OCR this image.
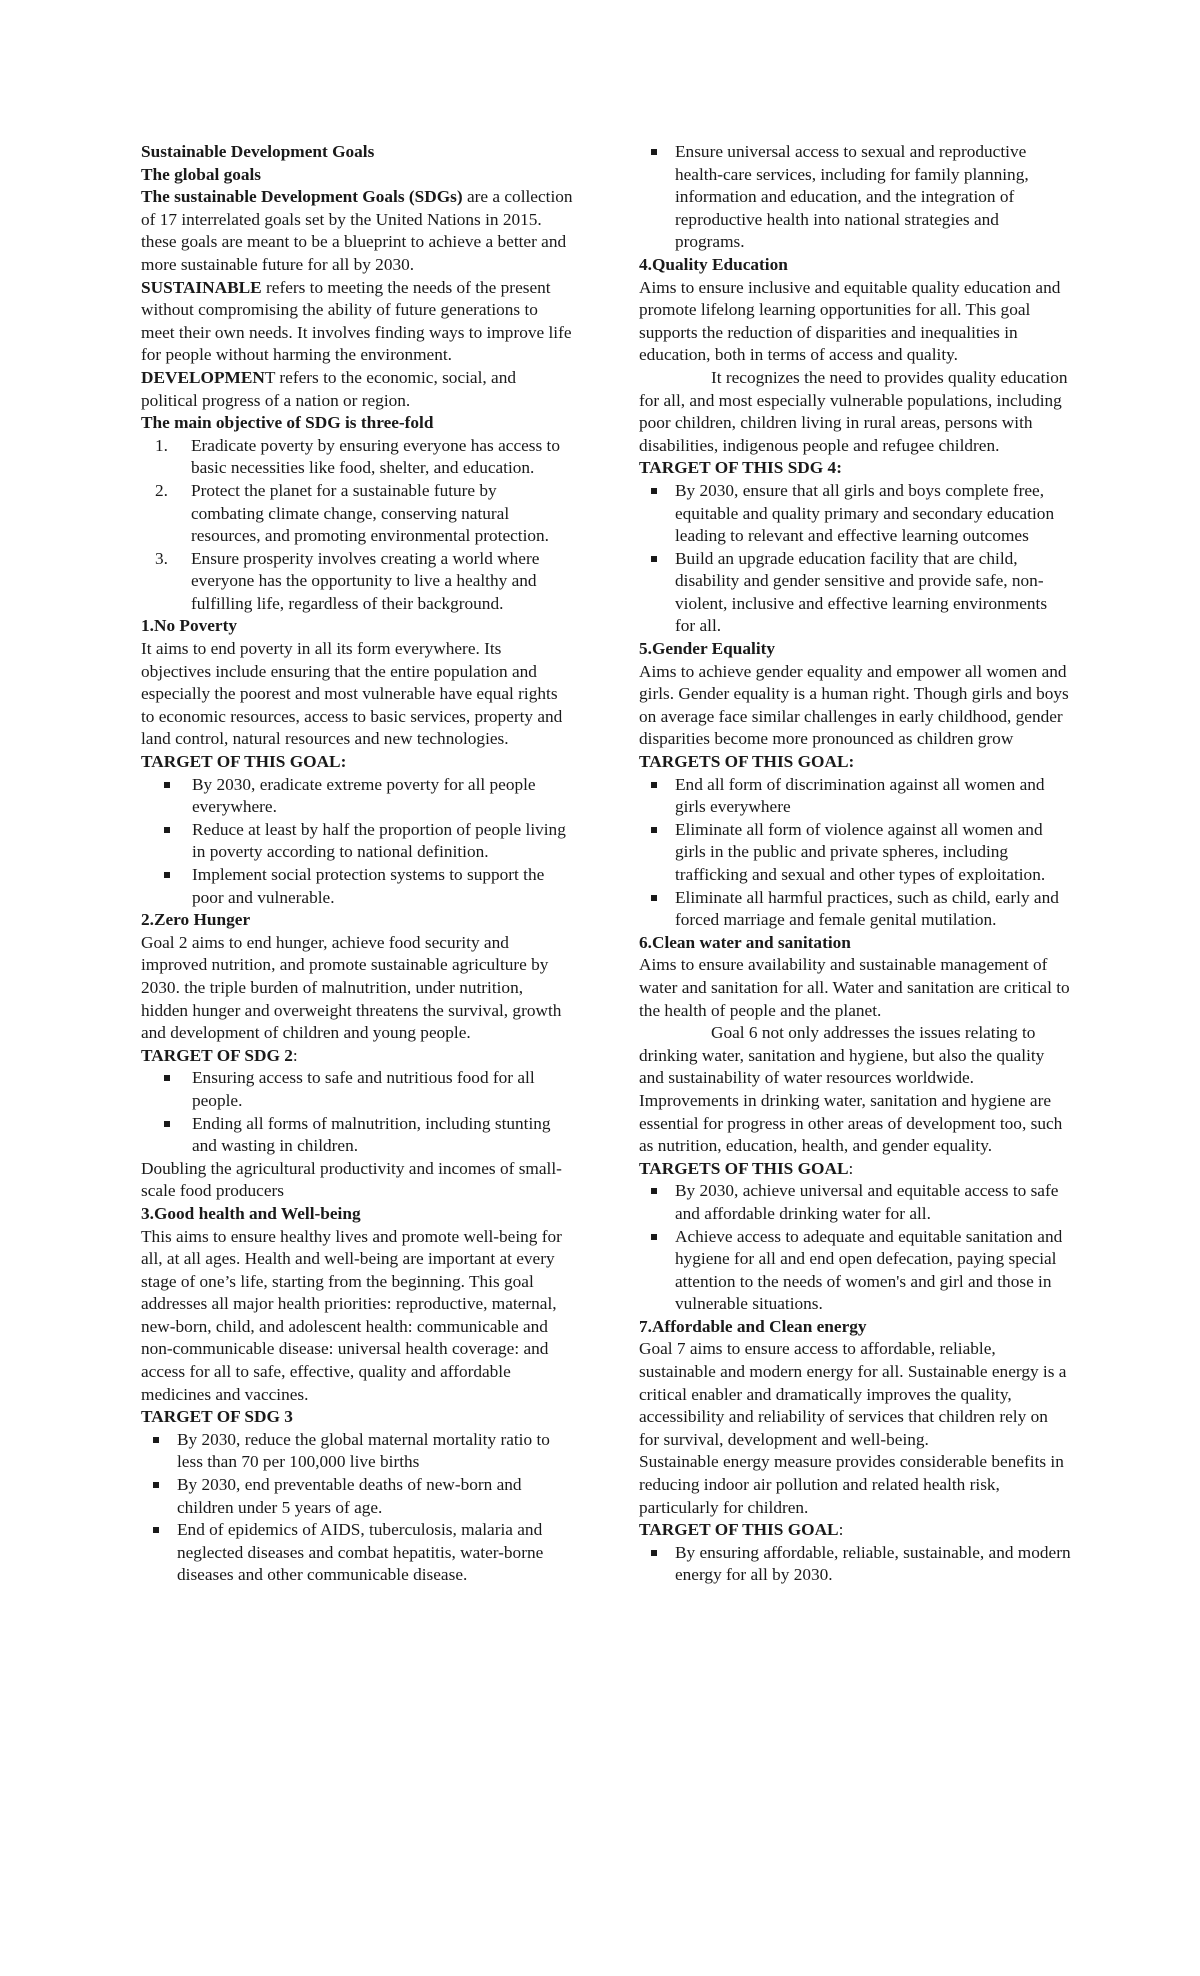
Sustainable Development Goals

The global goals

The sustainable Development Goals (SDGs) are a collection of 17 interrelated goals set by the United Nations in 2015. these goals are meant to be a blueprint to achieve a better and more sustainable future for all by 2030.

SUSTAINABLE refers to meeting the needs of the present without compromising the ability of future generations to meet their own needs. It involves finding ways to improve life for people without harming the environment.

DEVELOPMENT refers to the economic, social, and political progress of a nation or region.

The main objective of SDG is three-fold

1. Eradicate poverty by ensuring everyone has access to basic necessities like food, shelter, and education.
2. Protect the planet for a sustainable future by combating climate change, conserving natural resources, and promoting environmental protection.
3. Ensure prosperity involves creating a world where everyone has the opportunity to live a healthy and fulfilling life, regardless of their background.

1.No Poverty

It aims to end poverty in all its form everywhere. Its objectives include ensuring that the entire population and especially the poorest and most vulnerable have equal rights to economic resources, access to basic services, property and land control, natural resources and new technologies.

TARGET OF THIS GOAL:

By 2030, eradicate extreme poverty for all people everywhere.
Reduce at least by half the proportion of people living in poverty according to national definition.
Implement social protection systems to support the poor and vulnerable.

2.Zero Hunger

Goal 2 aims to end hunger, achieve food security and improved nutrition, and promote sustainable agriculture by 2030. the triple burden of malnutrition, under nutrition, hidden hunger and overweight threatens the survival, growth and development of children and young people.

TARGET OF SDG 2:

Ensuring access to safe and nutritious food for all people.
Ending all forms of malnutrition, including stunting and wasting in children.

Doubling the agricultural productivity and incomes of small-scale food producers

3.Good health and Well-being

This aims to ensure healthy lives and promote well-being for all, at all ages. Health and well-being are important at every stage of one’s life, starting from the beginning. This goal addresses all major health priorities: reproductive, maternal, new-born, child, and adolescent health: communicable and non-communicable disease: universal health coverage: and access for all to safe, effective, quality and affordable medicines and vaccines.

TARGET OF SDG 3

By 2030, reduce the global maternal mortality ratio to less than 70 per 100,000 live births
By 2030, end preventable deaths of new-born and children under 5 years of age.
End of epidemics of AIDS, tuberculosis, malaria and neglected diseases and combat hepatitis, water-borne diseases and other communicable disease.
Ensure universal access to sexual and reproductive health-care services, including for family planning, information and education, and the integration of reproductive health into national strategies and programs.

4.Quality Education

Aims to ensure inclusive and equitable quality education and promote lifelong learning opportunities for all. This goal supports the reduction of disparities and inequalities in education, both in terms of access and quality.

It recognizes the need to provides quality education for all, and most especially vulnerable populations, including poor children, children living in rural areas, persons with disabilities, indigenous people and refugee children.

TARGET OF THIS SDG 4:

By 2030, ensure that all girls and boys complete free, equitable and quality primary and secondary education leading to relevant and effective learning outcomes
Build an upgrade education facility that are child, disability and gender sensitive and provide safe, non-violent, inclusive and effective learning environments for all.

5.Gender Equality

Aims to achieve gender equality and empower all women and girls. Gender equality is a human right. Though girls and boys on average face similar challenges in early childhood, gender disparities become more pronounced as children grow

TARGETS OF THIS GOAL:

End all form of discrimination against all women and girls everywhere
Eliminate all form of violence against all women and girls in the public and private spheres, including trafficking and sexual and other types of exploitation.
Eliminate all harmful practices, such as child, early and forced marriage and female genital mutilation.

6.Clean water and sanitation

Aims to ensure availability and sustainable management of water and sanitation for all. Water and sanitation are critical to the health of people and the planet.

Goal 6 not only addresses the issues relating to drinking water, sanitation and hygiene, but also the quality and sustainability of water resources worldwide. Improvements in drinking water, sanitation and hygiene are essential for progress in other areas of development too, such as nutrition, education, health, and gender equality.

TARGETS OF THIS GOAL:

By 2030, achieve universal and equitable access to safe and affordable drinking water for all.
Achieve access to adequate and equitable sanitation and hygiene for all and end open defecation, paying special attention to the needs of women's and girl and those in vulnerable situations.

7.Affordable and Clean energy

Goal 7 aims to ensure access to affordable, reliable, sustainable and modern energy for all. Sustainable energy is a critical enabler and dramatically improves the quality, accessibility and reliability of services that children rely on for survival, development and well-being.

Sustainable energy measure provides considerable benefits in reducing indoor air pollution and related health risk, particularly for children.

TARGET OF THIS GOAL:

By ensuring affordable, reliable, sustainable, and modern energy for all by 2030.
